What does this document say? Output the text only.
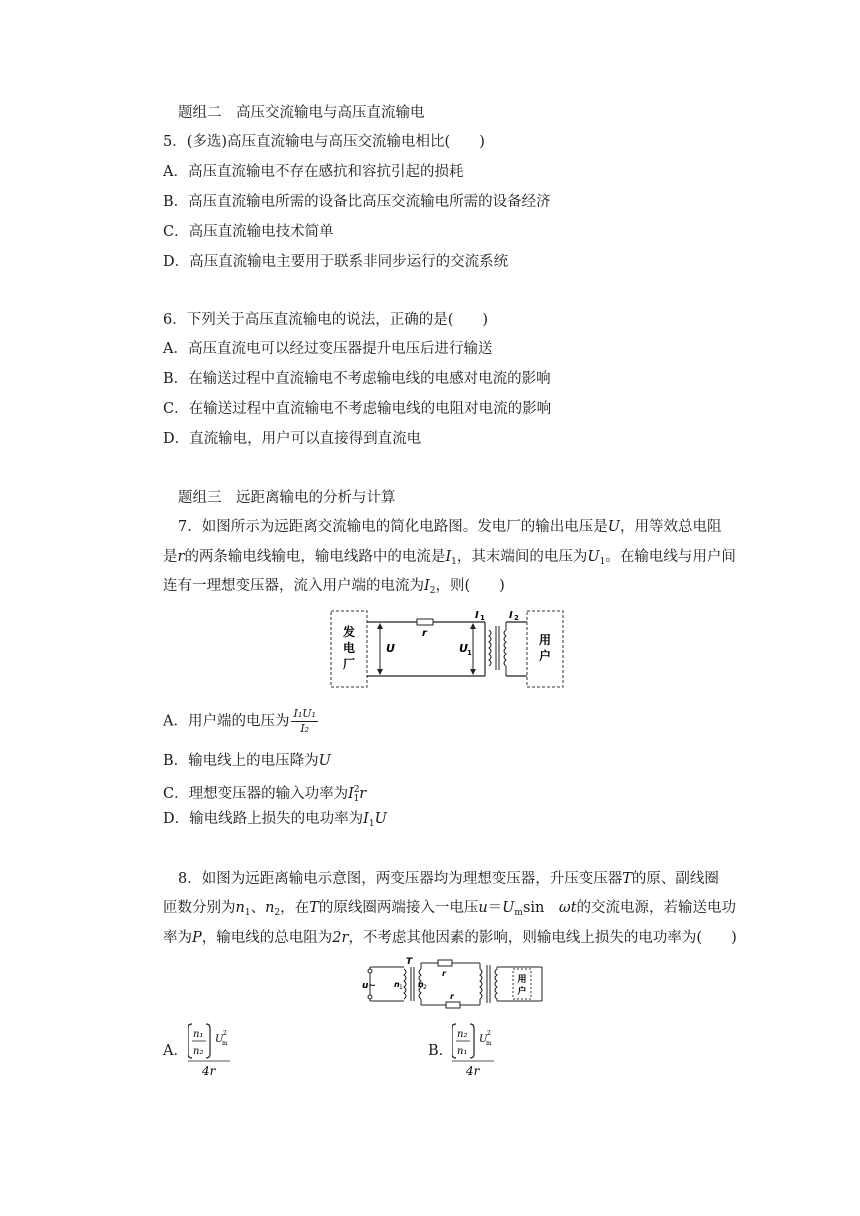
题组二　高压交流输电与高压直流输电
5．(多选)高压直流输电与高压交流输电相比(　　)
A．高压直流输电不存在感抗和容抗引起的损耗
B．高压直流输电所需的设备比高压交流输电所需的设备经济
C．高压直流输电技术简单
D．高压直流输电主要用于联系非同步运行的交流系统
6．下列关于高压直流输电的说法，正确的是(　　)
A．高压直流电可以经过变压器提升电压后进行输送
B．在输送过程中直流输电不考虑输电线的电感对电流的影响
C．在输送过程中直流输电不考虑输电线的电阻对电流的影响
D．直流输电，用户可以直接得到直流电
题组三　远距离输电的分析与计算
7．如图所示为远距离交流输电的简化电路图。发电厂的输出电压是U，用等效总电阻
是r的两条输电线输电，输电线路中的电流是$I_1$，其末端间的电压为$U_1$。在输电线与用户间
连有一理想变压器，流入用户端的电流为$I_2$，则(　　)
发
电
厂
U
r
U 1
I 1 I 2
用
户
A．用户端的电压为 $\frac{\text{I₁U₁}}{\text{I₂}}$
B．输电线上的电压降为U
C．理想变压器的输入功率为$I^2_1r$
D．输电线路上损失的电功率为$I_1U$
8．如图为远距离输电示意图，两变压器均为理想变压器，升压变压器T的原、副线圈
匝数分别为$n_1$、$n_2$，在T的原线圈两端接入一电压$u=U_m\sin$　ωt的交流电源，若输送电功
率为P，输电线的总电阻为2r，不考虑其他因素的影响，则输电线上损失的电功率为(　　)
u~
T
n 1 n 2
r
r
用
户
A．
n₁
n₂
U
2
m
4r
B．
n₂
n₁
U
2
m
4r
